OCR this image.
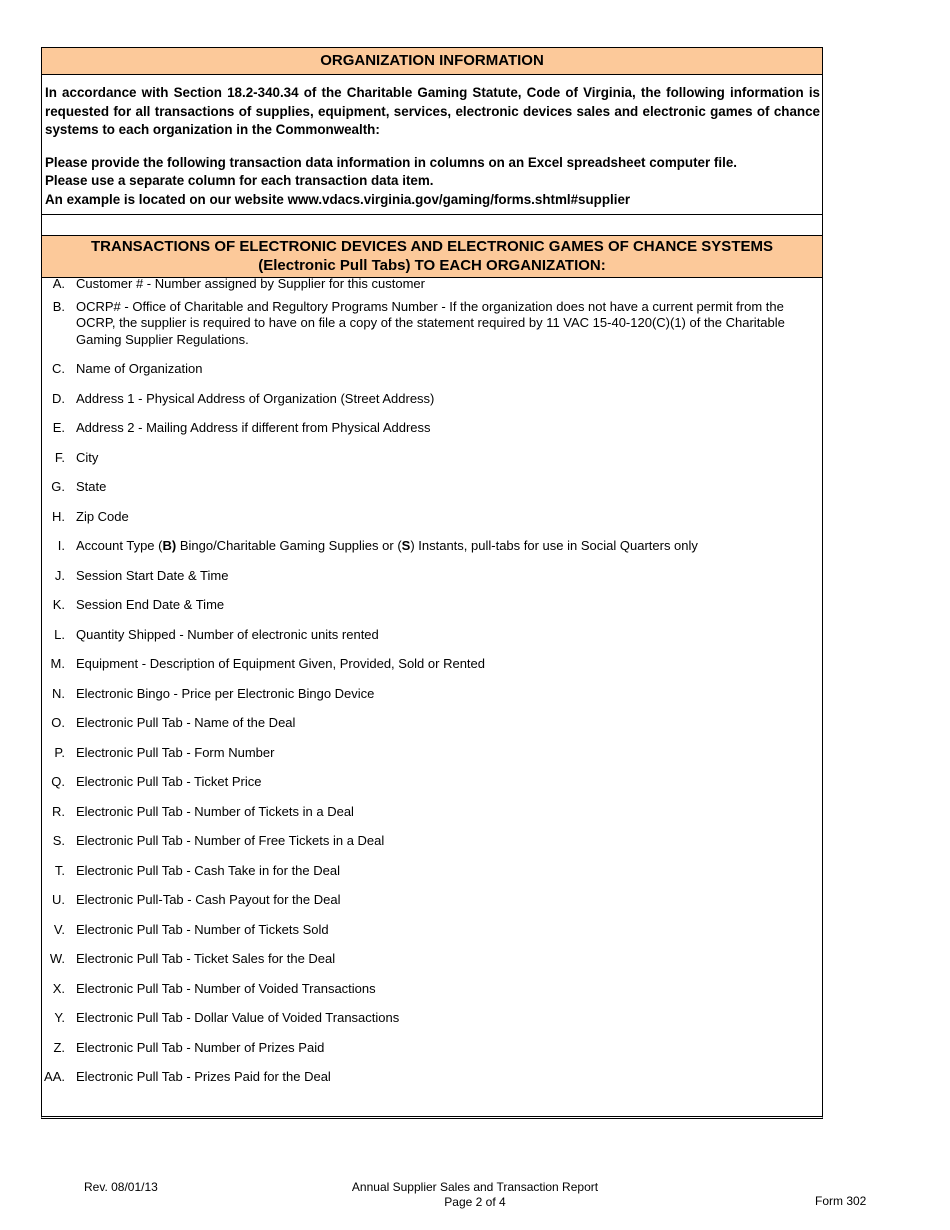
ORGANIZATION INFORMATION

In accordance with Section 18.2-340.34 of the Charitable Gaming Statute, Code of Virginia, the following information is requested for all transactions of supplies, equipment, services, electronic devices sales and electronic games of chance systems to each organization in the Commonwealth:

Please provide the following transaction data information in columns on an Excel spreadsheet computer file.

Please use a separate column for each transaction data item.

An example is located on our website www.vdacs.virginia.gov/gaming/forms.shtml#supplier

TRANSACTIONS OF ELECTRONIC DEVICES AND ELECTRONIC GAMES OF CHANCE SYSTEMS
(Electronic Pull Tabs) TO EACH ORGANIZATION:
A. Customer # - Number assigned by Supplier for this customer
B. OCRP# - Office of Charitable and Regultory Programs Number - If the organization does not have a current permit from the OCRP, the supplier is required to have on file a copy of the statement required by 11 VAC 15-40-120(C)(1) of the Charitable Gaming Supplier Regulations.
C. Name of Organization
D. Address 1 - Physical Address of Organization (Street Address)
E. Address 2 - Mailing Address if different from Physical Address
F. City
G. State
H. Zip Code
I. Account Type (B) Bingo/Charitable Gaming Supplies or (S) Instants, pull-tabs for use in Social Quarters only
J. Session Start Date & Time
K. Session End Date & Time
L. Quantity Shipped - Number of electronic units rented
M. Equipment - Description of Equipment Given, Provided, Sold or Rented
N. Electronic Bingo - Price per Electronic Bingo Device
O. Electronic Pull Tab - Name of the Deal
P. Electronic Pull Tab - Form Number
Q. Electronic Pull Tab - Ticket Price
R. Electronic Pull Tab - Number of Tickets in a Deal
S. Electronic Pull Tab - Number of Free Tickets in a Deal
T. Electronic Pull Tab - Cash Take in for the Deal
U. Electronic Pull-Tab - Cash Payout for the Deal
V. Electronic Pull Tab - Number of Tickets Sold
W. Electronic Pull Tab - Ticket Sales for the Deal
X. Electronic Pull Tab - Number of Voided Transactions
Y. Electronic Pull Tab - Dollar Value of Voided Transactions
Z. Electronic Pull Tab - Number of Prizes Paid
AA. Electronic Pull Tab - Prizes Paid for the Deal
Rev. 08/01/13	Annual Supplier Sales and Transaction Report
Page 2 of 4	Form 302
